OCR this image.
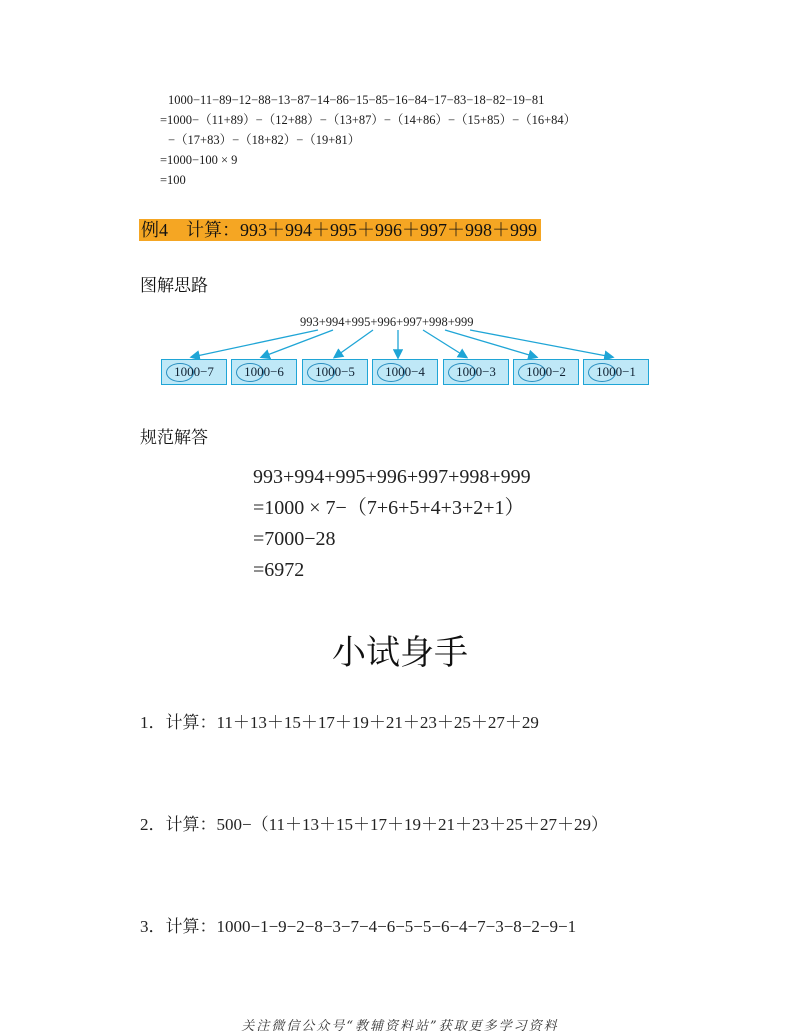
1000−11−89−12−88−13−87−14−86−15−85−16−84−17−83−18−82−19−81
=1000−（11+89）−（12+88）−（13+87）−（14+86）−（15+85）−（16+84）
−（17+83）−（18+82）−（19+81）
=1000−100 × 9
=100
例4　计算：993＋994＋995＋996＋997＋998＋999
图解思路
993+994+995+996+997+998+999
1000−7	1000−6	1000−5	1000−4	1000−3	1000−2	1000−1
规范解答
993+994+995+996+997+998+999
=1000 × 7−（7+6+5+4+3+2+1）
=7000−28
=6972
小试身手
1．计算：11＋13＋15＋17＋19＋21＋23＋25＋27＋29
2．计算：500−（11＋13＋15＋17＋19＋21＋23＋25＋27＋29）
3．计算：1000−1−9−2−8−3−7−4−6−5−5−6−4−7−3−8−2−9−1
关注微信公众号“教辅资料站”获取更多学习资料
